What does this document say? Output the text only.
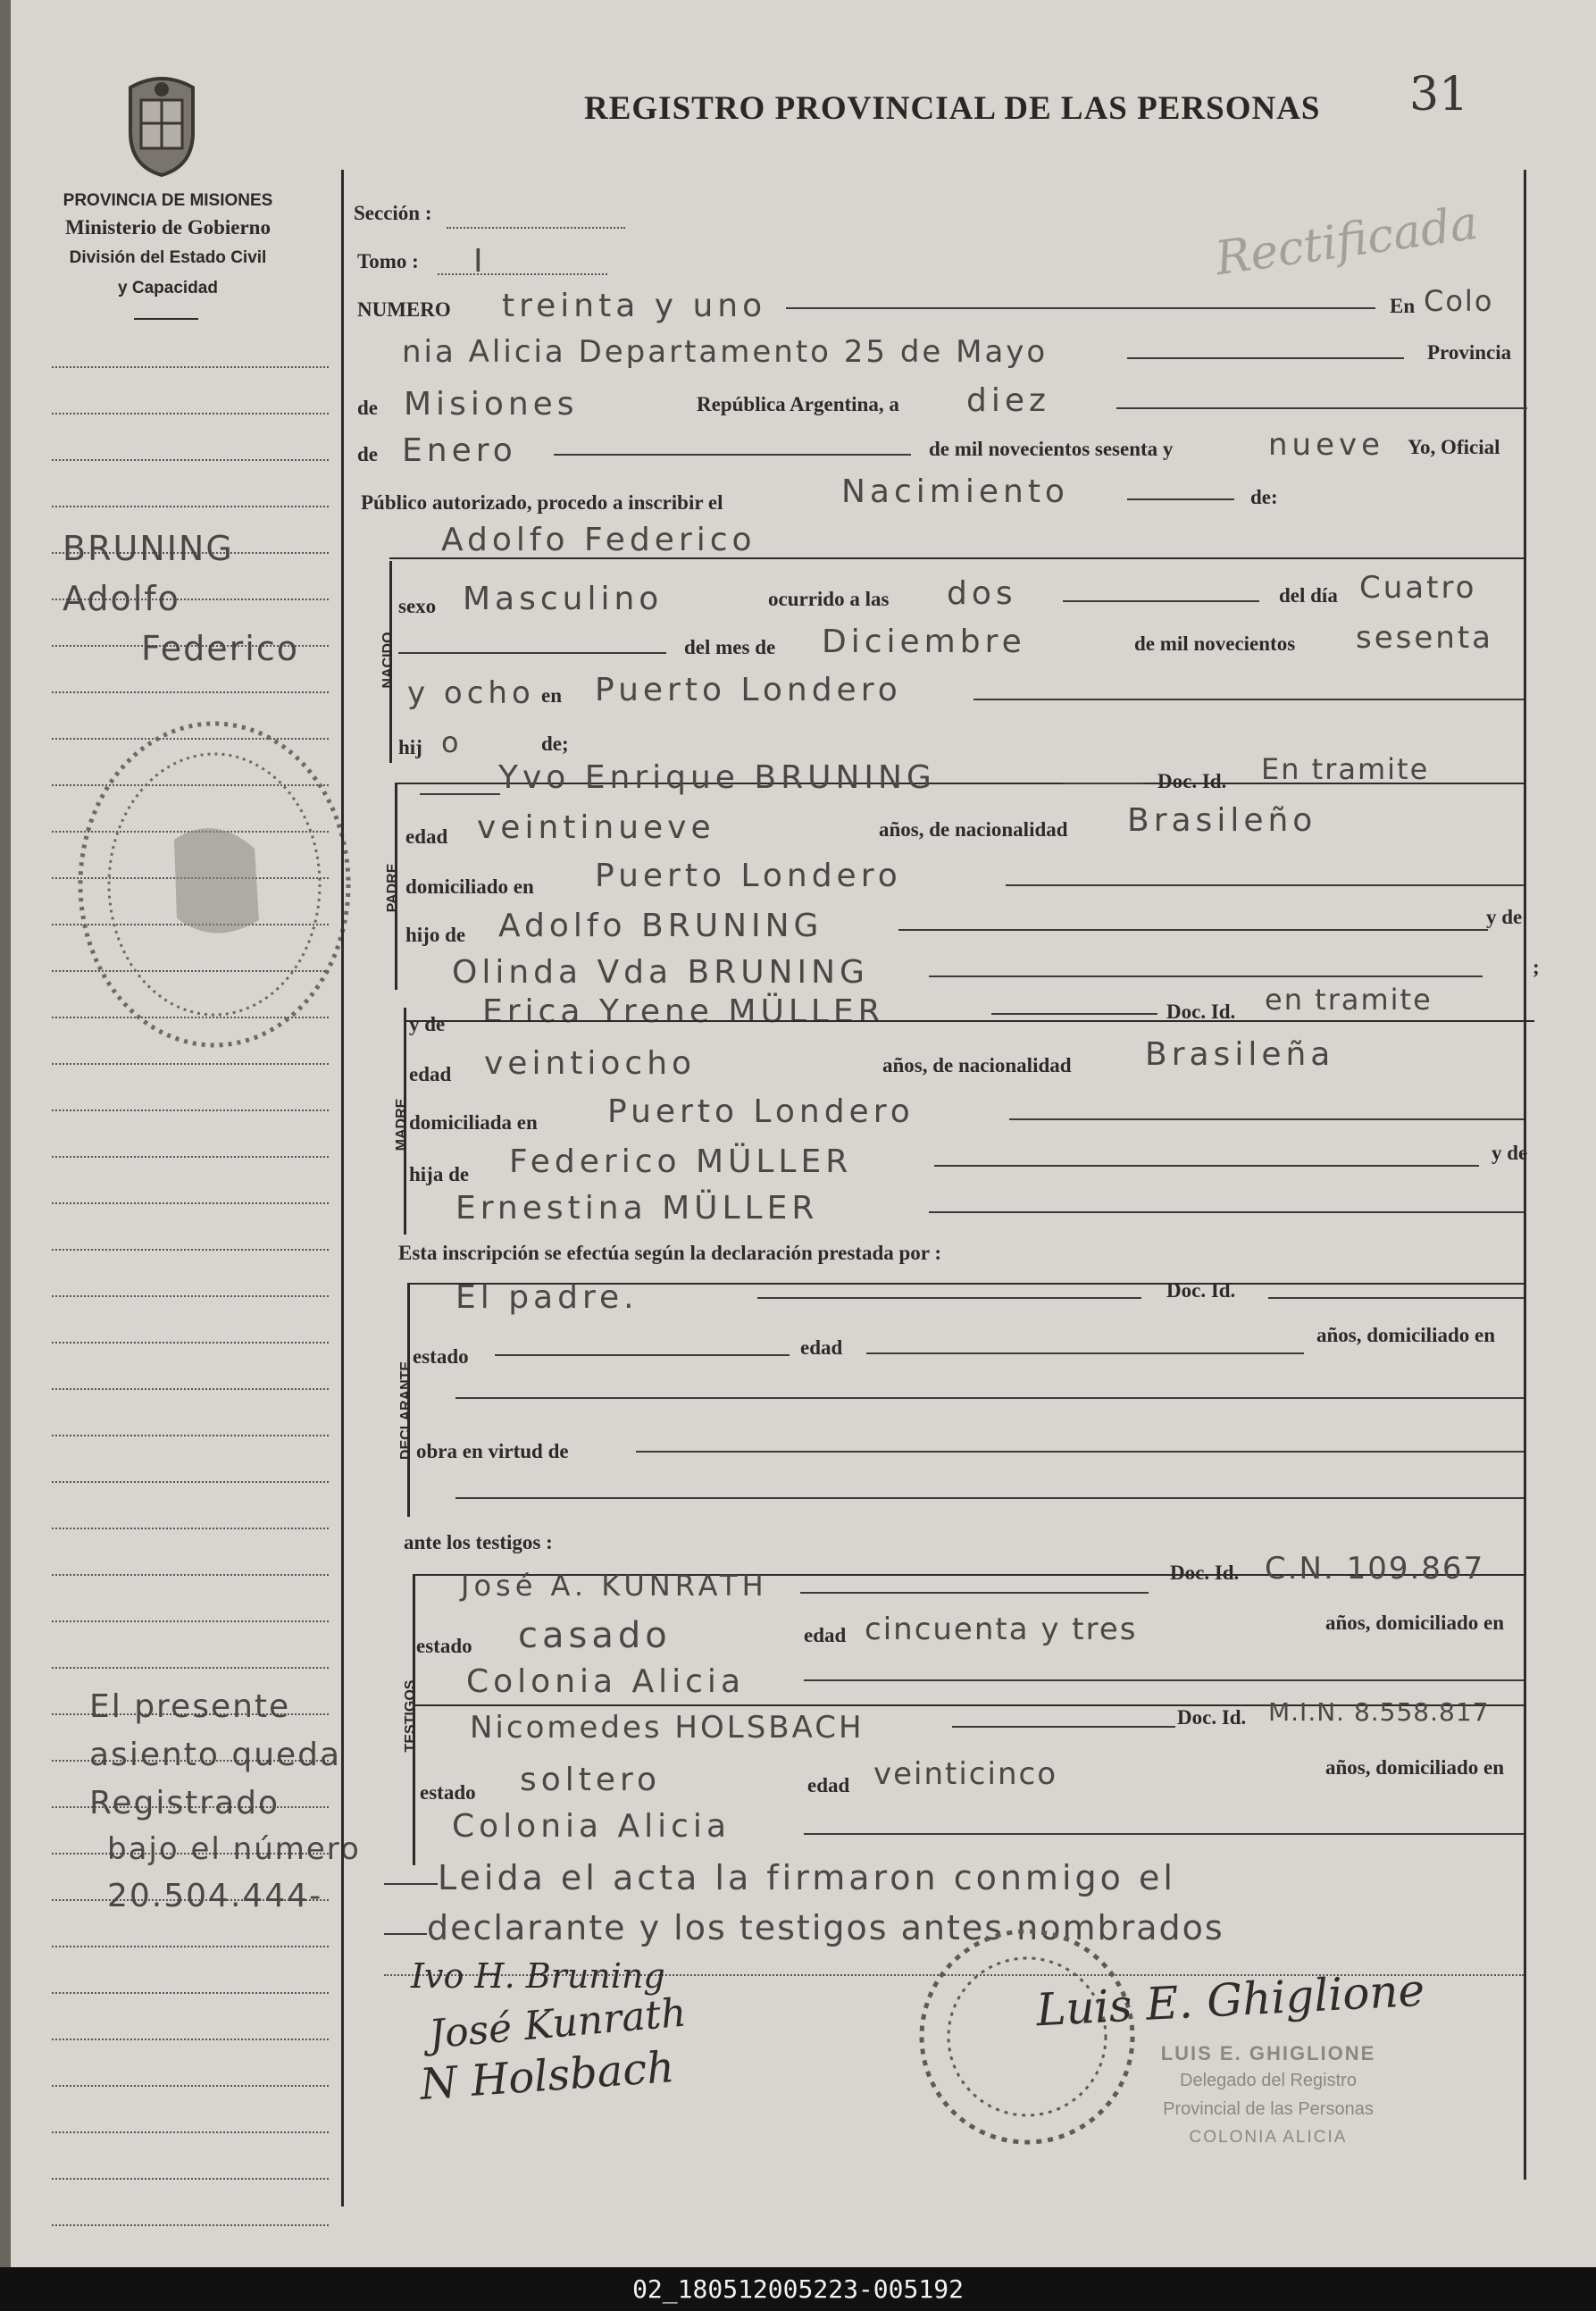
PROVINCIA DE MISIONES
Ministerio de Gobierno
División del Estado Civil
y Capacidad
REGISTRO PROVINCIAL DE LAS PERSONAS 31
Rectificada
BRUNING
Adolfo
Federico
El presente
asiento queda
Registrado
bajo el número
20.504.444-
Sección :
Tomo : I
NUMERO treinta y uno	En Colo
nia Alicia Departamento 25 de Mayo	Provincia
de Misiones	República Argentina, a diez
de Enero	de mil novecientos sesenta y	nueve Yo, Oficial
Público autorizado, procedo a inscribir el	Nacimiento	de:
NACIDO
Adolfo Federico
sexo Masculino	ocurrido a las dos	del día Cuatro
del mes de Diciembre	de mil novecientos sesenta
y ocho en Puerto Londero
hij o	de;
PADRE
Yvo Enrique BRUNING	Doc. Id. En tramite
edad veintinueve	años, de nacionalidad Brasileño
domiciliado en Puerto Londero
hijo de Adolfo BRUNING	y de
Olinda Vda BRUNING	;
MADRE
y de Erica Yrene MÜLLER	Doc. Id. en tramite
edad veintiocho	años, de nacionalidad Brasileña
domiciliada en Puerto Londero
hija de Federico MÜLLER	y de
Ernestina MÜLLER
Esta inscripción se efectúa según la declaración prestada por :
DECLARANTE
El padre.	Doc. Id.
estado	edad
años, domiciliado en
obra en virtud de
ante los testigos :
TESTIGOS
José A. KUNRATH	Doc. Id. C.N. 109.867
estado casado	edad cincuenta y tres	años, domiciliado en
Colonia Alicia
Nicomedes HOLSBACH	Doc. Id. M.I.N. 8.558.817
estado soltero	edad veinticinco	años, domiciliado en
Colonia Alicia
Leida el acta la firmaron conmigo el
declarante y los testigos antes nombrados
Ivo H. Bruning
José Kunrath
N Holsbach
Luis E. Ghiglione
LUIS E. GHIGLIONE
Delegado del Registro
Provincial de las Personas
COLONIA ALICIA
02_180512005223-005192
